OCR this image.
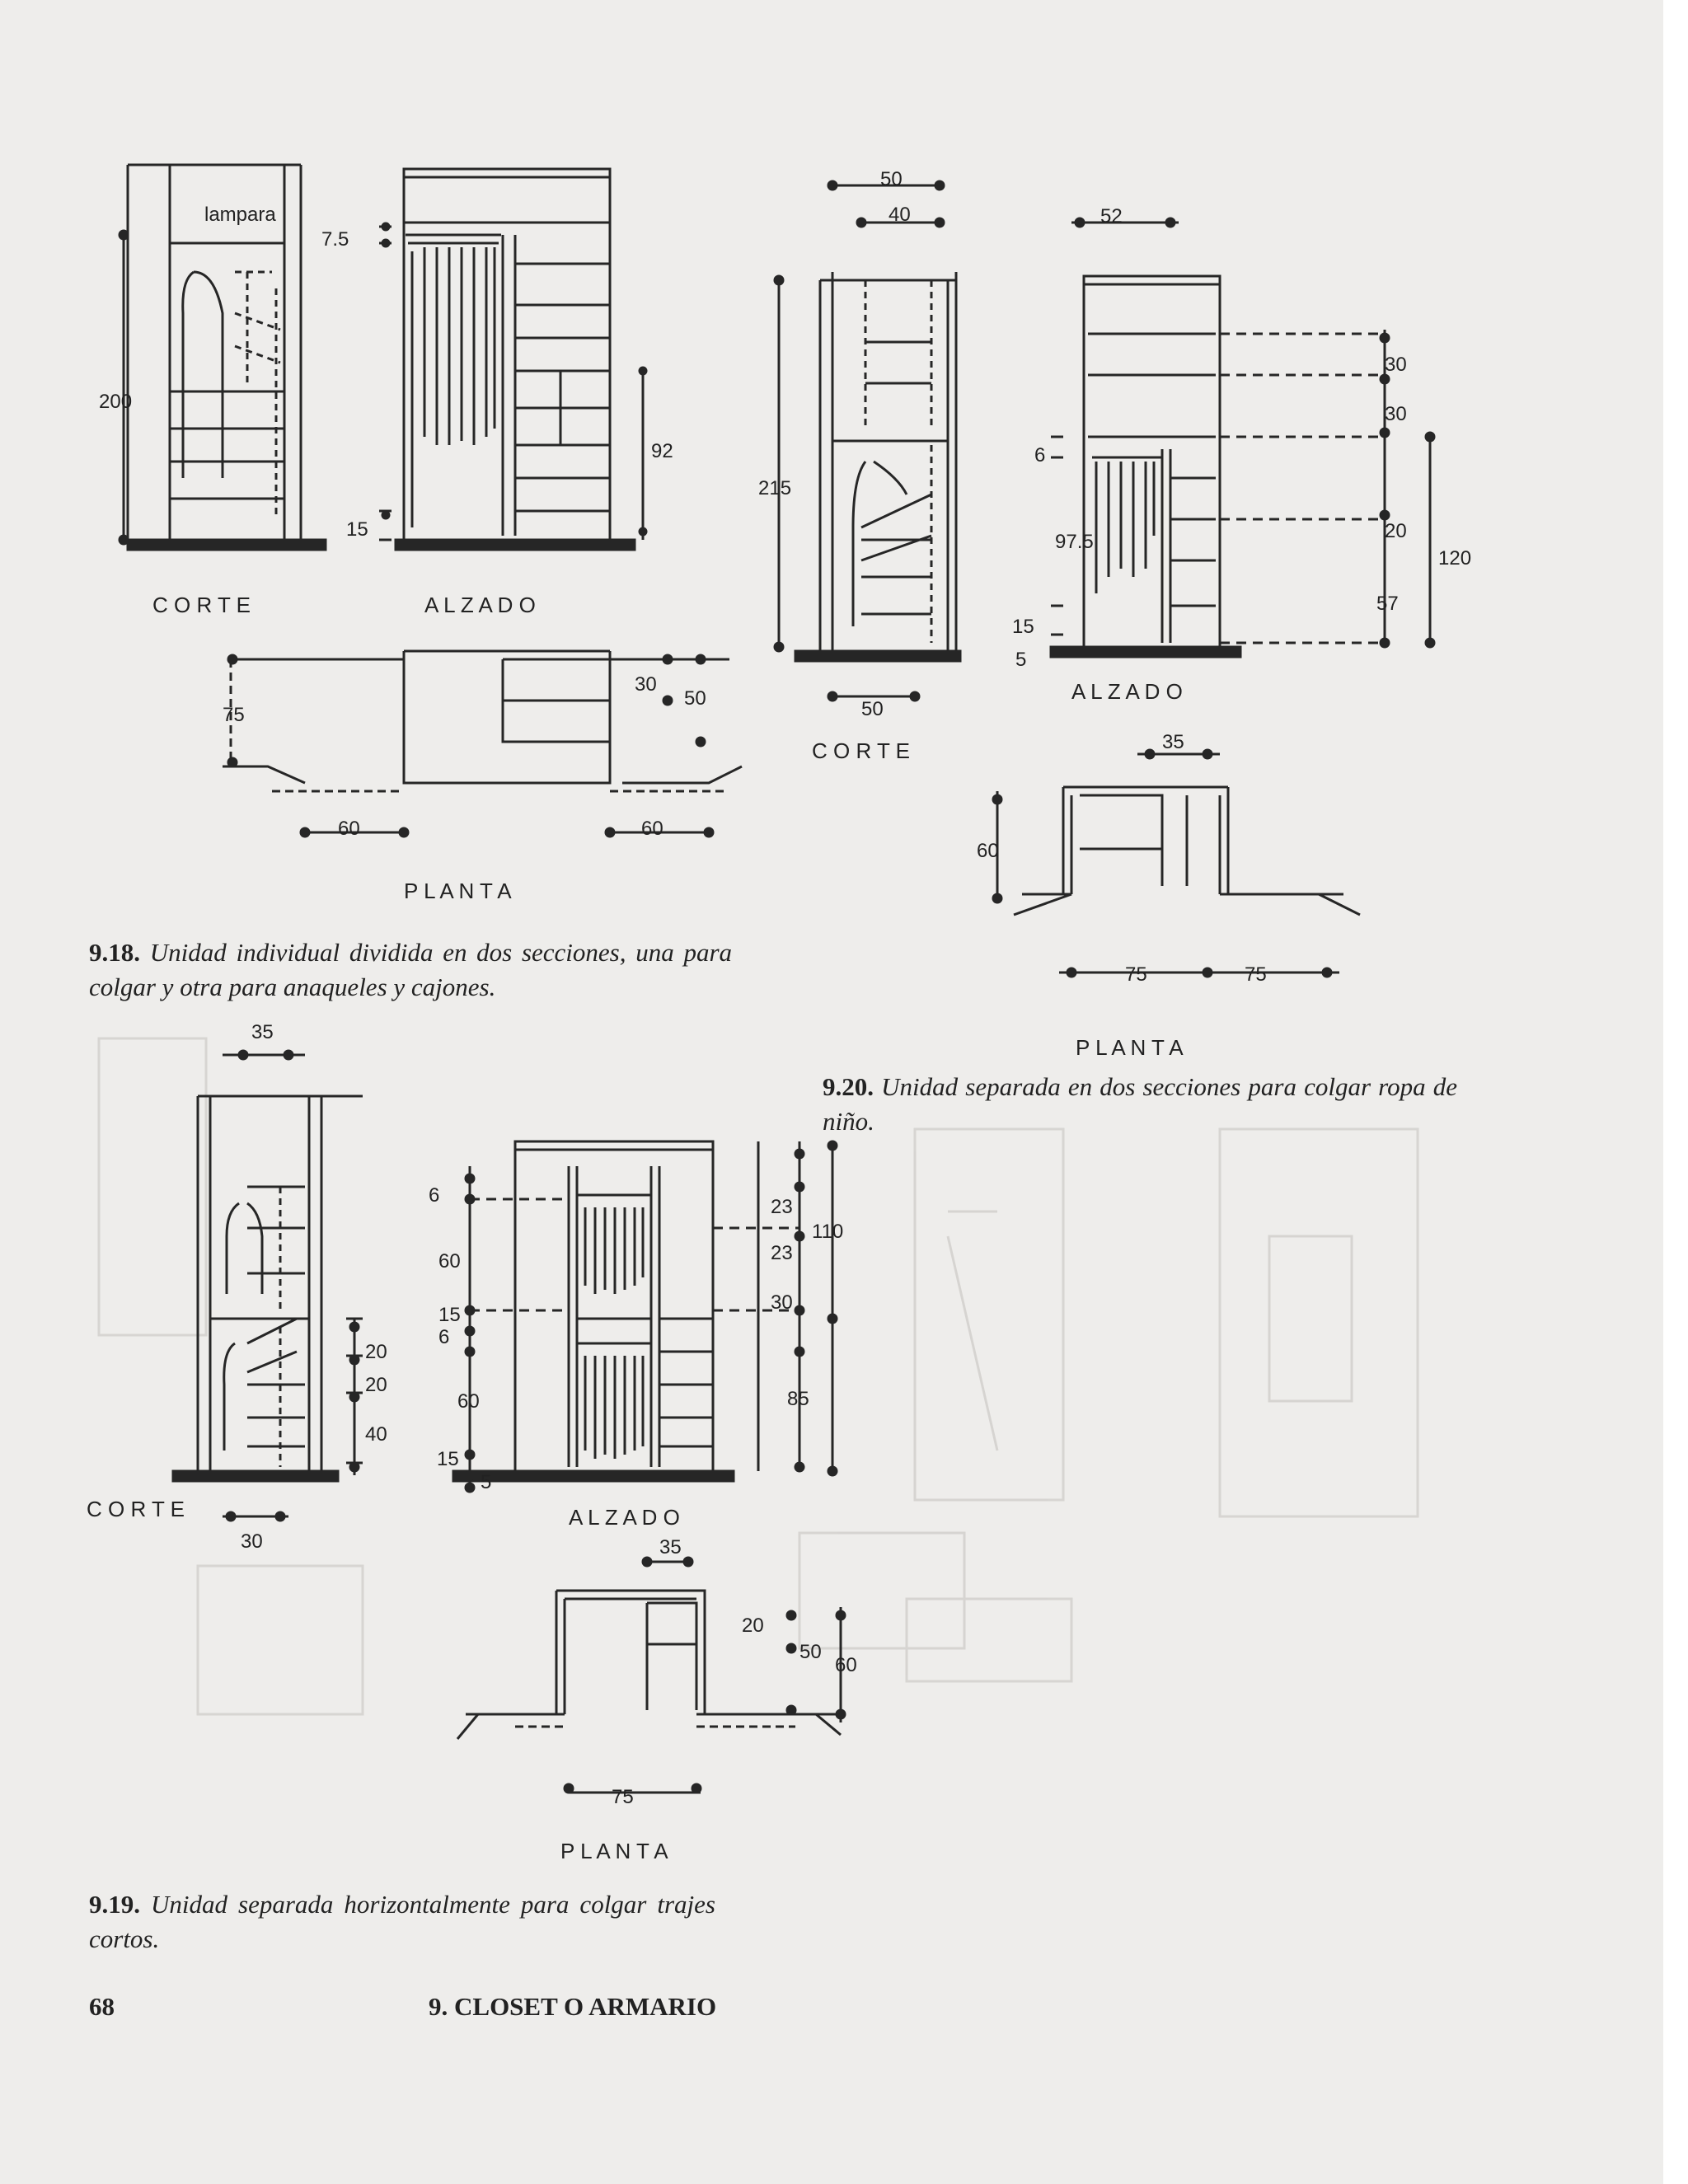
lampara
200
7.5
92
15
C O R T E	A L Z A D O
75
30
50
60	60
P L A N T A
50
40
215
50
C O R T E
52
30
30
6
97.5	20
120
57
15
5
A L Z A D O
35
60
75	75
P L A N T A
35
20
20
40
C O R T E
30
6
60
15
6
60
15
5
23
110
23
30
85
A L Z A D O
35
20
50
60
75
P L A N T A
9.18. Unidad individual dividida en dos secciones, una para colgar y otra para anaqueles y cajones.
9.20. Unidad separada en dos secciones para colgar ropa de niño.
9.19. Unidad separada horizontalmente para colgar trajes cortos.
68	9. CLOSET O ARMARIO
